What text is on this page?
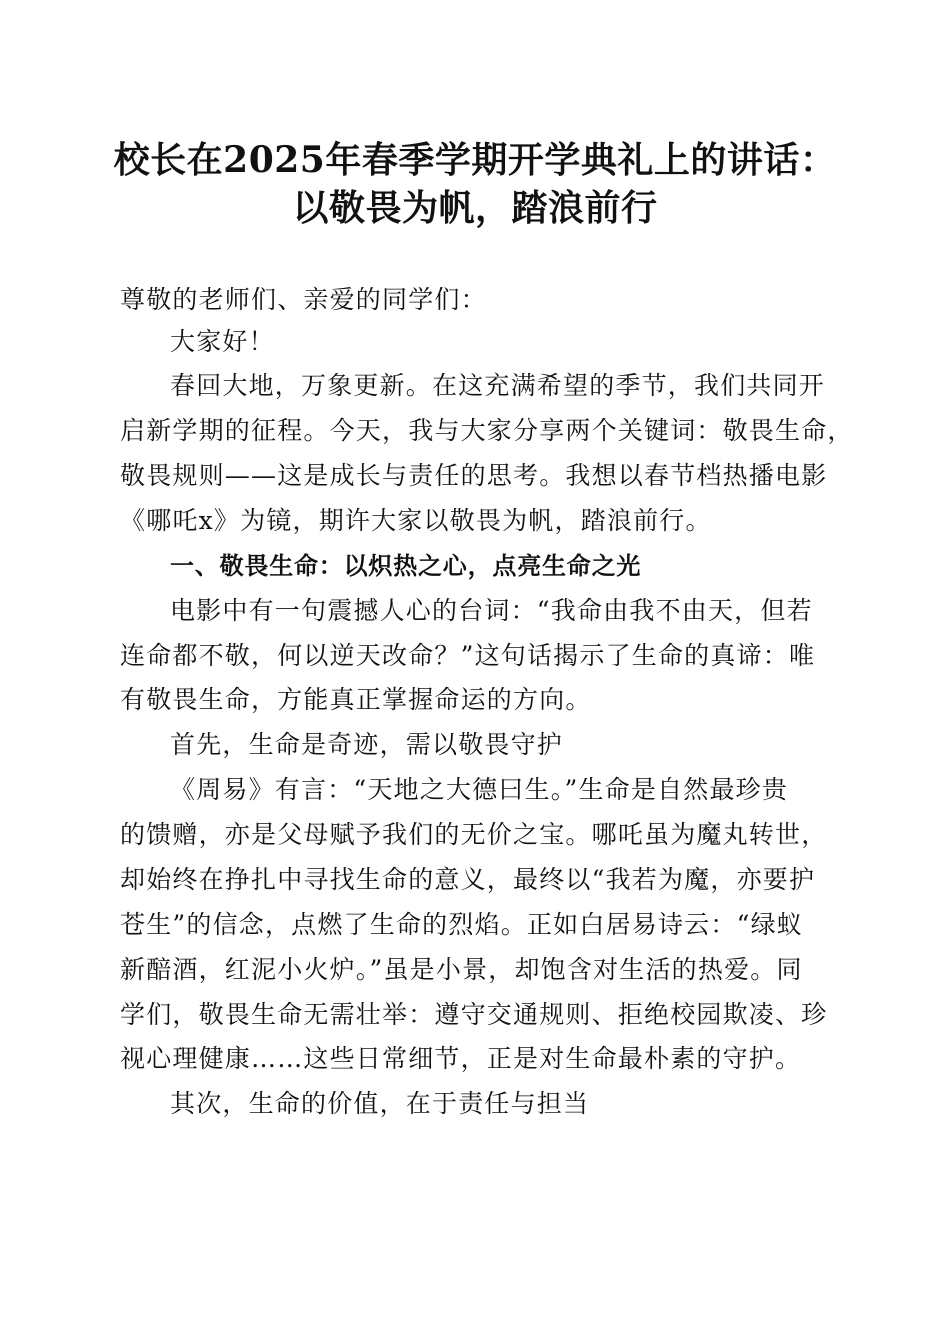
校长在2025年春季学期开学典礼上的讲话：
以敬畏为帆，踏浪前行
尊敬的老师们、亲爱的同学们：
大家好！
春回大地，万象更新。在这充满希望的季节，我们共同开
启新学期的征程。今天，我与大家分享两个关键词：敬畏生命，
敬畏规则——这是成长与责任的思考。我想以春节档热播电影
《哪吒x》为镜，期许大家以敬畏为帆，踏浪前行。
一、敬畏生命：以炽热之心，点亮生命之光
电影中有一句震撼人心的台词：“我命由我不由天，但若
连命都不敬，何以逆天改命？”这句话揭示了生命的真谛：唯
有敬畏生命，方能真正掌握命运的方向。
首先，生命是奇迹，需以敬畏守护
《周易》有言：“天地之大德曰生。”生命是自然最珍贵
的馈赠，亦是父母赋予我们的无价之宝。哪吒虽为魔丸转世，
却始终在挣扎中寻找生命的意义，最终以“我若为魔，亦要护
苍生”的信念，点燃了生命的烈焰。正如白居易诗云：“绿蚁
新醅酒，红泥小火炉。”虽是小景，却饱含对生活的热爱。同
学们，敬畏生命无需壮举：遵守交通规则、拒绝校园欺凌、珍
视心理健康……这些日常细节，正是对生命最朴素的守护。
其次，生命的价值，在于责任与担当
